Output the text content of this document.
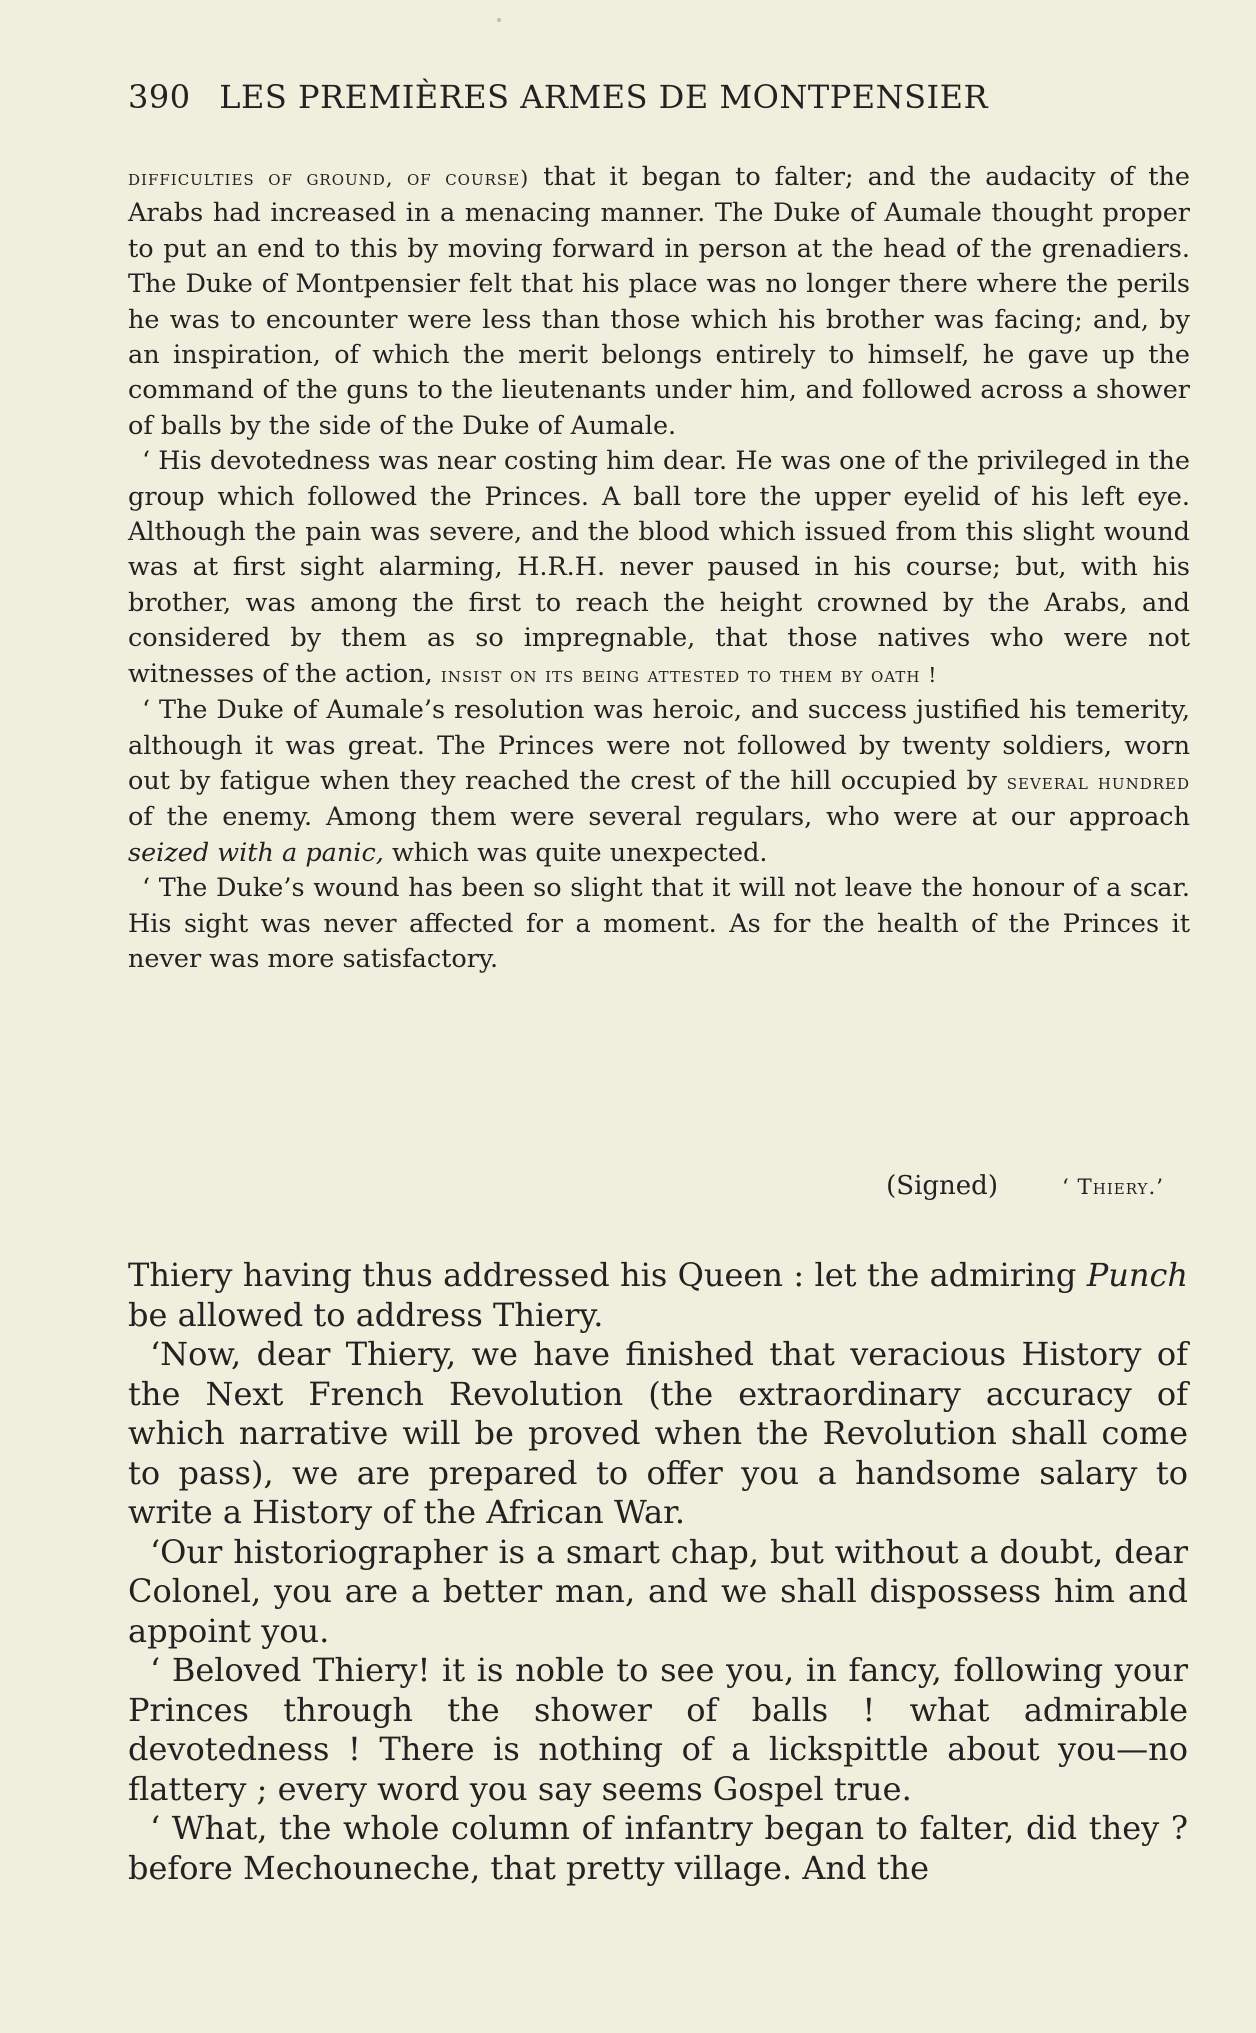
390 LES PREMIÈRES ARMES DE MONTPENSIER

difficulties of ground, of course) that it began to falter; and the audacity of the Arabs had increased in a menacing manner. The Duke of Aumale thought proper to put an end to this by moving forward in person at the head of the grenadiers. The Duke of Montpensier felt that his place was no longer there where the perils he was to encounter were less than those which his brother was facing; and, by an inspiration, of which the merit belongs entirely to himself, he gave up the command of the guns to the lieutenants under him, and followed across a shower of balls by the side of the Duke of Aumale.

‘ His devotedness was near costing him dear. He was one of the privileged in the group which followed the Princes. A ball tore the upper eyelid of his left eye. Although the pain was severe, and the blood which issued from this slight wound was at first sight alarming, H.R.H. never paused in his course; but, with his brother, was among the first to reach the height crowned by the Arabs, and considered by them as so impregnable, that those natives who were not witnesses of the action, insist on its being attested to them by oath !

‘ The Duke of Aumale’s resolution was heroic, and success justified his temerity, although it was great. The Princes were not followed by twenty soldiers, worn out by fatigue when they reached the crest of the hill occupied by several hundred of the enemy. Among them were several regulars, who were at our approach seized with a panic, which was quite unexpected.

‘ The Duke’s wound has been so slight that it will not leave the honour of a scar. His sight was never affected for a moment. As for the health of the Princes it never was more satisfactory.

(Signed)	‘ Thiery.’

Thiery having thus addressed his Queen : let the admiring Punch be allowed to address Thiery.

‘Now, dear Thiery, we have finished that veracious History of the Next French Revolution (the extraordinary accuracy of which narrative will be proved when the Revolution shall come to pass), we are prepared to offer you a handsome salary to write a History of the African War.

‘Our historiographer is a smart chap, but without a doubt, dear Colonel, you are a better man, and we shall dispossess him and appoint you.

‘ Beloved Thiery! it is noble to see you, in fancy, following your Princes through the shower of balls ! what admirable devotedness ! There is nothing of a lickspittle about you—no flattery ; every word you say seems Gospel true.

‘ What, the whole column of infantry began to falter, did they ? before Mechouneche, that pretty village. And the
